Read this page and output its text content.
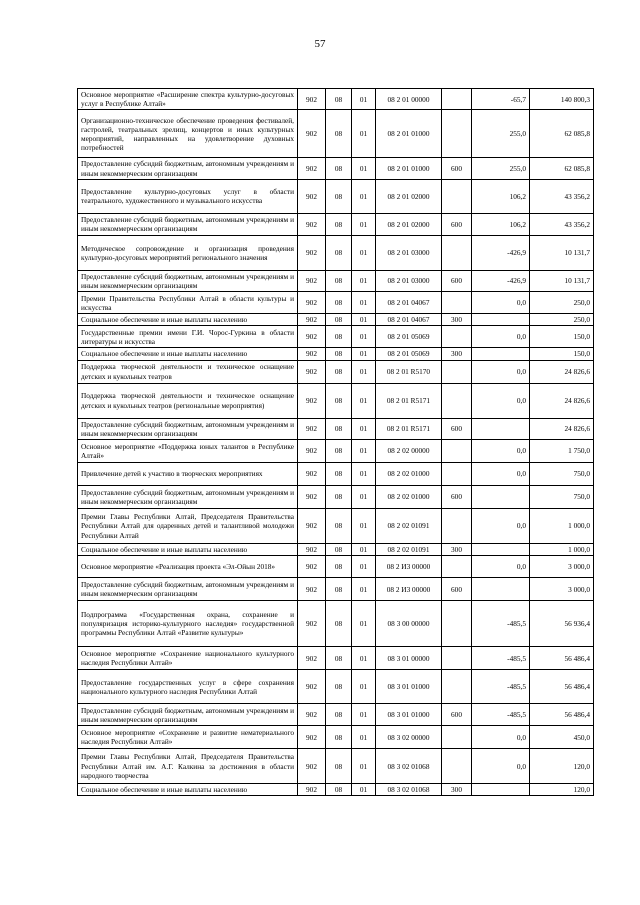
57
Основное мероприятие «Расширение спектра культурно-досуговых услуг в Республике Алтай»	902	08	01	08 2 01 00000		-65,7	140 800,3
Организационно-техническое обеспечение проведения фестивалей, гастролей, театральных зрелищ, концертов и иных культурных мероприятий, направленных на удовлетворение духовных потребностей	902	08	01	08 2 01 01000		255,0	62 085,8
Предоставление субсидий бюджетным, автономным учреждениям и иным некоммерческим организациям	902	08	01	08 2 01 01000	600	255,0	62 085,8
Предоставление культурно-досуговых услуг в области театрального, художественного и музыкального искусства	902	08	01	08 2 01 02000		106,2	43 356,2
Предоставление субсидий бюджетным, автономным учреждениям и иным некоммерческим организациям	902	08	01	08 2 01 02000	600	106,2	43 356,2
Методическое сопровождение и организация проведения культурно-досуговых мероприятий регионального значения	902	08	01	08 2 01 03000		-426,9	10 131,7
Предоставление субсидий бюджетным, автономным учреждениям и иным некоммерческим организациям	902	08	01	08 2 01 03000	600	-426,9	10 131,7
Премии Правительства Республики Алтай в области культуры и искусства	902	08	01	08 2 01 04067		0,0	250,0
Социальное обеспечение и иные выплаты населению	902	08	01	08 2 01 04067	300		250,0
Государственные премии имени Г.И. Чорос-Гуркина в области литературы и искусства	902	08	01	08 2 01 05069		0,0	150,0
Социальное обеспечение и иные выплаты населению	902	08	01	08 2 01 05069	300		150,0
Поддержка творческой деятельности и техническое оснащение детских и кукольных театров	902	08	01	08 2 01 R5170		0,0	24 826,6
Поддержка творческой деятельности и техническое оснащение детских и кукольных театров (региональные мероприятия)	902	08	01	08 2 01 R5171		0,0	24 826,6
Предоставление субсидий бюджетным, автономным учреждениям и иным некоммерческим организациям	902	08	01	08 2 01 R5171	600		24 826,6
Основное мероприятие «Поддержка юных талантов в Республике Алтай»	902	08	01	08 2 02 00000		0,0	1 750,0
Привлечение детей к участию в творческих мероприятиях	902	08	01	08 2 02 01000		0,0	750,0
Предоставление субсидий бюджетным, автономным учреждениям и иным некоммерческим организациям	902	08	01	08 2 02 01000	600		750,0
Премии Главы Республики Алтай, Председателя Правительства Республики Алтай для одаренных детей и талантливой молодежи Республики Алтай	902	08	01	08 2 02 01091		0,0	1 000,0
Социальное обеспечение и иные выплаты населению	902	08	01	08 2 02 01091	300		1 000,0
Основное мероприятие «Реализация проекта «Эл-Ойын 2018»	902	08	01	08 2 И3 00000		0,0	3 000,0
Предоставление субсидий бюджетным, автономным учреждениям и иным некоммерческим организациям	902	08	01	08 2 И3 00000	600		3 000,0
Подпрограмма «Государственная охрана, сохранение и популяризация историко-культурного наследия» государственной программы Республики Алтай «Развитие культуры»	902	08	01	08 3 00 00000		-485,5	56 936,4
Основное мероприятие «Сохранение национального культурного наследия Республики Алтай»	902	08	01	08 3 01 00000		-485,5	56 486,4
Предоставление государственных услуг в сфере сохранения национального культурного наследия Республики Алтай	902	08	01	08 3 01 01000		-485,5	56 486,4
Предоставление субсидий бюджетным, автономным учреждениям и иным некоммерческим организациям	902	08	01	08 3 01 01000	600	-485,5	56 486,4
Основное мероприятие «Сохранение и развитие нематериального наследия Республики Алтай»	902	08	01	08 3 02 00000		0,0	450,0
Премии Главы Республики Алтай, Председателя Правительства Республики Алтай им. А.Г. Калкина за достижения в области народного творчества	902	08	01	08 3 02 01068		0,0	120,0
Социальное обеспечение и иные выплаты населению	902	08	01	08 3 02 01068	300		120,0
